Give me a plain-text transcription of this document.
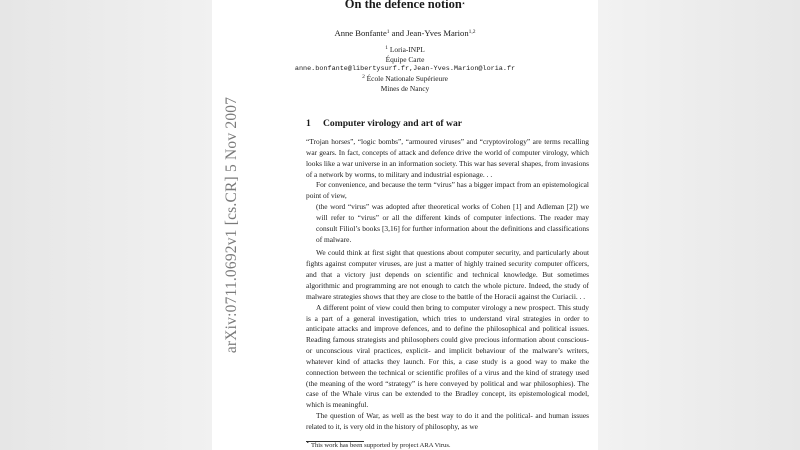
arXiv:0711.0692v1 [cs.CR] 5 Nov 2007
On the defence notion⋆
Anne Bonfante$^1$ and Jean-Yves Marion$^{1,2}$
$^1$ Loria-INPL
Équipe Carte
anne.bonfante@libertysurf.fr,Jean-Yves.Marion@loria.fr
$^2$ École Nationale Supérieure
Mines de Nancy
1 Computer virology and art of war

“Trojan horses”, “logic bombs”, “armoured viruses” and “cryptovirology” are terms recalling war gears. In fact, concepts of attack and defence drive the world of computer virology, which looks like a war universe in an information society. This war has several shapes, from invasions of a network by worms, to military and industrial espionage. . .

For convenience, and because the term “virus” has a bigger impact from an epistemological point of view,

(the word “virus” was adopted after theoretical works of Cohen [1] and Adleman [2]) we will refer to “virus” or all the different kinds of computer infections. The reader may consult Filiol’s books [3,16] for further information about the definitions and classifications of malware.

We could think at first sight that questions about computer security, and particularly about fights against computer viruses, are just a matter of highly trained security computer officers, and that a victory just depends on scientific and technical knowledge. But sometimes algorithmic and programming are not enough to catch the whole picture. Indeed, the study of malware strategies shows that they are close to the battle of the Horacii against the Curiacii. . .

A different point of view could then bring to computer virology a new prospect. This study is a part of a general investigation, which tries to understand viral strategies in order to anticipate attacks and improve defences, and to define the philosophical and political issues. Reading famous strategists and philosophers could give precious information about conscious- or unconscious viral practices, explicit- and implicit behaviour of the malware’s writers, whatever kind of attacks they launch. For this, a case study is a good way to make the connection between the technical or scientific profiles of a virus and the kind of strategy used (the meaning of the word “strategy” is here conveyed by political and war philosophies). The case of the Whale virus can be extended to the Bradley concept, its epistemological model, which is meaningful.

The question of War, as well as the best way to do it and the political- and human issues related to it, is very old in the history of philosophy, as we

⋆ This work has been supported by project ARA Virus.
